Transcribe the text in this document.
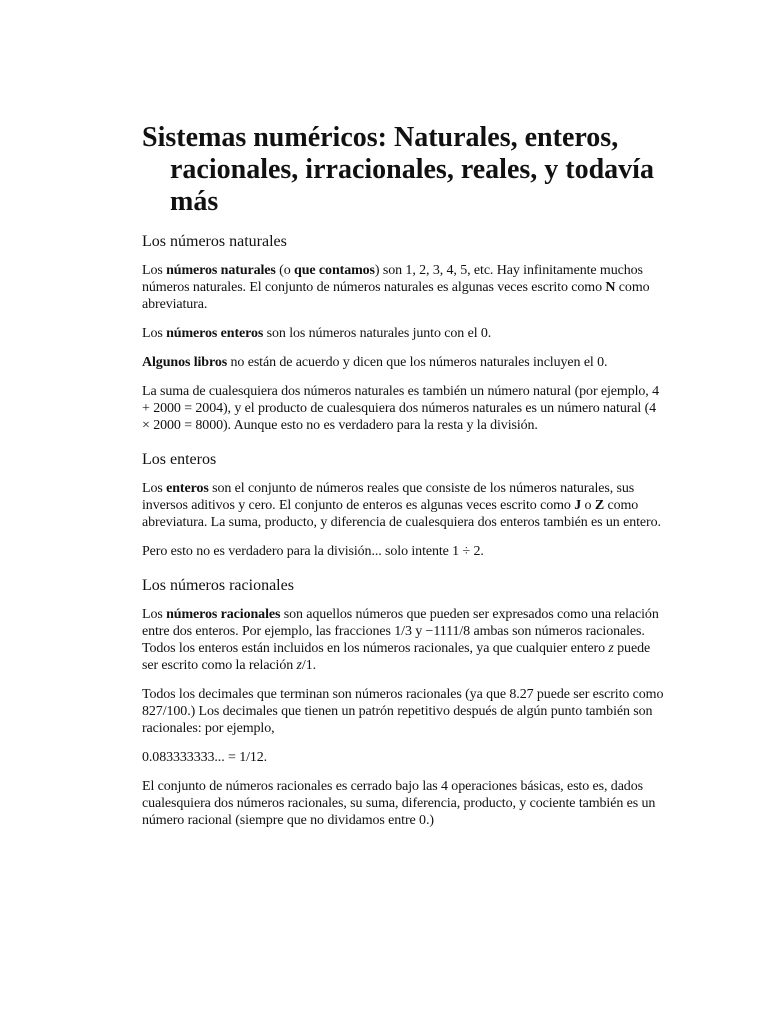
Sistemas numéricos: Naturales, enteros, racionales, irracionales, reales, y todavía más
Los números naturales

Los números naturales (o que contamos) son 1, 2, 3, 4, 5, etc. Hay infinitamente muchos números naturales. El conjunto de números naturales es algunas veces escrito como N como abreviatura.

Los números enteros son los números naturales junto con el 0.

Algunos libros no están de acuerdo y dicen que los números naturales incluyen el 0.

La suma de cualesquiera dos números naturales es también un número natural (por ejemplo, 4 + 2000 = 2004), y el producto de cualesquiera dos números naturales es un número natural (4 × 2000 = 8000). Aunque esto no es verdadero para la resta y la división.

Los enteros

Los enteros son el conjunto de números reales que consiste de los números naturales, sus inversos aditivos y cero. El conjunto de enteros es algunas veces escrito como J o Z como abreviatura. La suma, producto, y diferencia de cualesquiera dos enteros también es un entero.

Pero esto no es verdadero para la división... solo intente 1 ÷ 2.

Los números racionales

Los números racionales son aquellos números que pueden ser expresados como una relación entre dos enteros. Por ejemplo, las fracciones 1/3 y −1111/8 ambas son números racionales. Todos los enteros están incluidos en los números racionales, ya que cualquier entero z puede ser escrito como la relación z/1.

Todos los decimales que terminan son números racionales (ya que 8.27 puede ser escrito como 827/100.) Los decimales que tienen un patrón repetitivo después de algún punto también son racionales: por ejemplo,

0.083333333... = 1/12.

El conjunto de números racionales es cerrado bajo las 4 operaciones básicas, esto es, dados cualesquiera dos números racionales, su suma, diferencia, producto, y cociente también es un número racional (siempre que no dividamos entre 0.)
